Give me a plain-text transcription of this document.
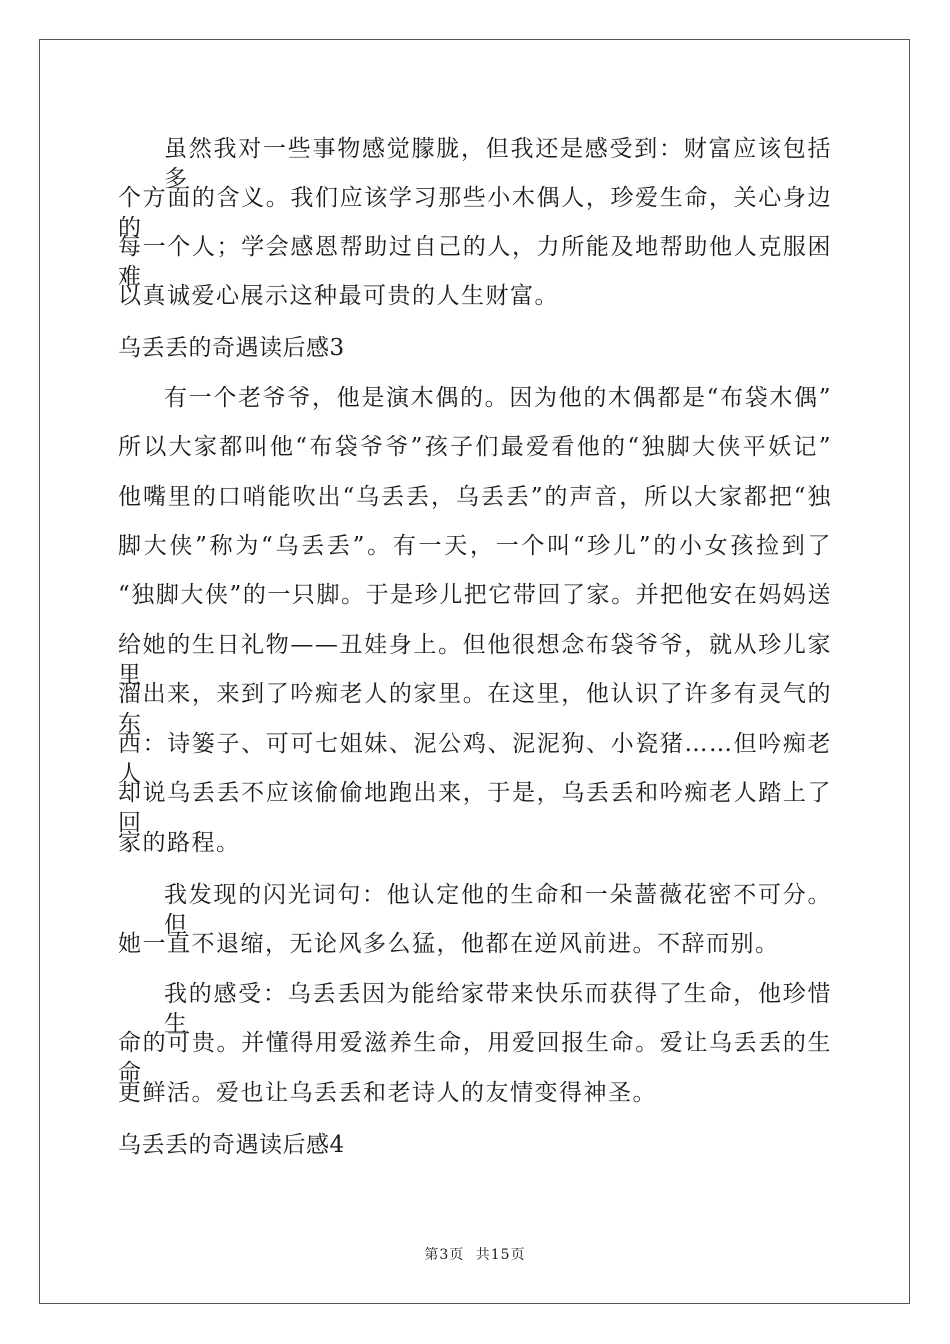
虽然我对一些事物感觉朦胧，但我还是感受到：财富应该包括多
个方面的含义。我们应该学习那些小木偶人，珍爱生命，关心身边的
每一个人；学会感恩帮助过自己的人，力所能及地帮助他人克服困难
以真诚爱心展示这种最可贵的人生财富。
乌丢丢的奇遇读后感3
有一个老爷爷，他是演木偶的。因为他的木偶都是“布袋木偶”
所以大家都叫他“布袋爷爷”孩子们最爱看他的“独脚大侠平妖记”
他嘴里的口哨能吹出“乌丢丢，乌丢丢”的声音，所以大家都把“独
脚大侠”称为“乌丢丢”。有一天，一个叫“珍儿”的小女孩捡到了
“独脚大侠”的一只脚。于是珍儿把它带回了家。并把他安在妈妈送
给她的生日礼物——丑娃身上。但他很想念布袋爷爷，就从珍儿家里
溜出来，来到了吟痴老人的家里。在这里，他认识了许多有灵气的东
西：诗篓子、可可七姐妹、泥公鸡、泥泥狗、小瓷猪……但吟痴老人
却说乌丢丢不应该偷偷地跑出来，于是，乌丢丢和吟痴老人踏上了回
家的路程。
我发现的闪光词句：他认定他的生命和一朵蔷薇花密不可分。但
她一直不退缩，无论风多么猛，他都在逆风前进。不辞而别。
我的感受：乌丢丢因为能给家带来快乐而获得了生命，他珍惜生
命的可贵。并懂得用爱滋养生命，用爱回报生命。爱让乌丢丢的生命
更鲜活。爱也让乌丢丢和老诗人的友情变得神圣。
乌丢丢的奇遇读后感4
第3页 共15页
